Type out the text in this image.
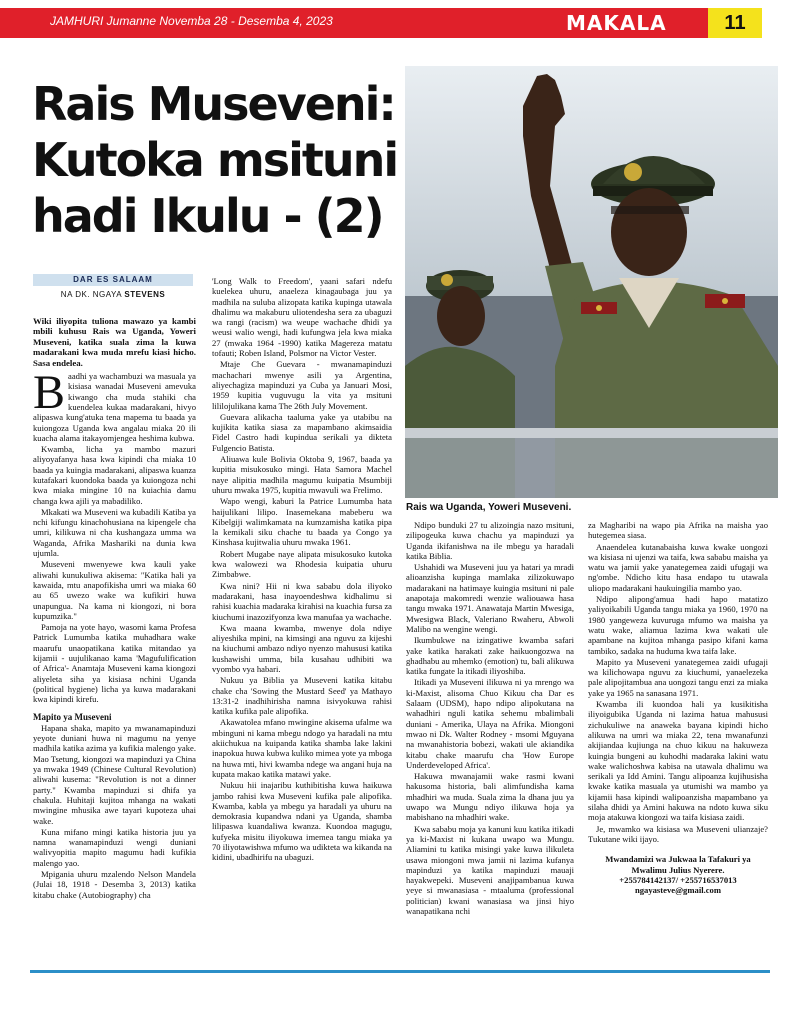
JAMHURI Jumanne Novemba 28 - Desemba 4, 2023	MAKALA	11
Rais Museveni:
Kutoka msituni
hadi Ikulu - (2)
DAR ES SALAAM
NA DK. NGAYA STEVENS
Rais wa Uganda, Yoweri Museveni.

Wiki iliyopita tuliona mawazo ya kambi mbili kuhusu Rais wa Uganda, Yoweri Museveni, katika suala zima la kuwa madarakani kwa muda mrefu kiasi hicho. Sasa endelea.

Baadhi ya wachambuzi wa masuala ya kisiasa wanadai Museveni amevuka kiwango cha muda stahiki cha kuendelea kukaa madarakani, hivyo alipaswa kung'atuka tena mapema tu baada ya kuiongoza Uganda kwa angalau miaka 20 ili kuacha alama itakayomjengea heshima kubwa.

Kwamba, licha ya mambo mazuri aliyoyafanya hasa kwa kipindi cha miaka 10 baada ya kuingia madarakani, alipaswa kuanza kutafakari kuondoka baada ya kuiongoza nchi kwa miaka mingine 10 na kuiachia damu changa kwa ajili ya mabadiliko.

Mkakati wa Museveni wa kubadili Katiba ya nchi kifungu kinachohusiana na kipengele cha umri, kilikuwa ni cha kushangaza umma wa Waganda, Afrika Mashariki na dunia kwa ujumla.

Museveni mwenyewe kwa kauli yake aliwahi kunukuliwa akisema: "Katika hali ya kawaida, mtu anapofikisha umri wa miaka 60 au 65 uwezo wake wa kufikiri huwa unapungua. Na kama ni kiongozi, ni bora kupumzika."

Pamoja na yote hayo, wasomi kama Profesa Patrick Lumumba katika muhadhara wake maarufu unaopatikana katika mitandao ya kijamii - uujulikanao kama 'Magufulification of Africa'- Anamtaja Museveni kama kiongozi aliyeleta siha ya kisiasa nchini Uganda (political hygiene) licha ya kuwa madarakani kwa kipindi kirefu.

Mapito ya Museveni

Hapana shaka, mapito ya mwanamapinduzi yeyote duniani huwa ni magumu na yenye madhila katika azima ya kufikia malengo yake. Mao Tsetung, kiongozi wa mapinduzi ya China ya mwaka 1949 (Chinese Cultural Revolution) aliwahi kusema: "Revolution is not a dinner party." Kwamba mapinduzi si dhifa ya chakula. Huhitaji kujitoa mhanga na wakati mwingine mhusika awe tayari kupoteza uhai wake.

Kuna mifano mingi katika historia juu ya namna wanamapinduzi wengi duniani walivyopitia mapito magumu hadi kufikia malengo yao.

Mpigania uhuru mzalendo Nelson Mandela (Julai 18, 1918 - Desemba 3, 2013) katika kitabu chake (Autobiography) cha

'Long Walk to Freedom', yaani safari ndefu kuelekea uhuru, anaeleza kinagaubaga juu ya madhila na suluba alizopata katika kupinga utawala dhalimu wa makaburu uliotendesha sera za ubaguzi wa rangi (racism) wa weupe wachache dhidi ya weusi walio wengi, hadi kufungwa jela kwa miaka 27 (mwaka 1964 -1990) katika Magereza matatu tofauti; Roben Island, Polsmor na Victor Vester.

Mtaje Che Guevara - mwanamapinduzi machachari mwenye asili ya Argentina, aliyechagiza mapinduzi ya Cuba ya Januari Mosi, 1959 kupitia vuguvugu la vita ya msituni lililojulikana kama The 26th July Movement.

Guevara alikacha taaluma yake ya utabibu na kujikita katika siasa za mapambano akimsaidia Fidel Castro hadi kupindua serikali ya dikteta Fulgencio Batista.

Aliuawa kule Bolivia Oktoba 9, 1967, baada ya kupitia misukosuko mingi. Hata Samora Machel naye alipitia madhila magumu kuipatia Msumbiji uhuru mwaka 1975, kupitia mwavuli wa Frelimo.

Wapo wengi, kaburi la Patrice Lumumba hata haijulikani lilipo. Inasemekana mabeberu wa Kibelgiji walimkamata na kumzamisha katika pipa la kemikali siku chache tu baada ya Congo ya Kinshasa kujitwalia uhuru mwaka 1961.

Robert Mugabe naye alipata misukosuko kutoka kwa walowezi wa Rhodesia kuipatia uhuru Zimbabwe.

Kwa nini? Hii ni kwa sababu dola iliyoko madarakani, hasa inayoendeshwa kidhalimu si rahisi kuachia madaraka kirahisi na kuachia fursa za kiuchumi inazozifyonza kwa manufaa ya wachache.

Kwa maana kwamba, mwenye dola ndiye aliyeshika mpini, na kimsingi ana nguvu za kijeshi na kiuchumi ambazo ndiyo nyenzo mahususi katika kushawishi umma, bila kusahau udhibiti wa vyombo vya habari.

Nukuu ya Biblia ya Museveni katika kitabu chake cha 'Sowing the Mustard Seed' ya Mathayo 13:31-2 inadhihirisha namna isivyokuwa rahisi katika kufika pale alipofika.

Akawatolea mfano mwingine akisema ufalme wa mbinguni ni kama mbegu ndogo ya haradali na mtu akiichukua na kuipanda katika shamba lake lakini inapokua huwa kubwa kuliko mimea yote ya mboga na huwa mti, hivi kwamba ndege wa angani huja na kupata makao katika matawi yake.

Nukuu hii inajaribu kuthibitisha kuwa haikuwa jambo rahisi kwa Museveni kufika pale alipofika. Kwamba, kabla ya mbegu ya haradali ya uhuru na demokrasia kupandwa ndani ya Uganda, shamba lilipaswa kuandaliwa kwanza. Kuondoa magugu, kufyeka misitu iliyokuwa imemea tangu miaka ya 70 iliyotawishwa mfumo wa udikteta wa kikanda na kidini, ubadhirifu na ubaguzi.

Ndipo bunduki 27 tu alizoingia nazo msituni, zilipogeuka kuwa chachu ya mapinduzi ya Uganda ikifanishwa na ile mbegu ya haradali katika Biblia.

Ushahidi wa Museveni juu ya hatari ya mradi alioanzisha kupinga mamlaka zilizokuwapo madarakani na hatimaye kuingia msituni ni pale anapotaja makomredi wenzie waliouawa hasa tangu mwaka 1971. Anawataja Martin Mwesiga, Mwesigwa Black, Valeriano Rwaheru, Abwoli Malibo na wengine wengi.

Ikumbukwe na izingatiwe kwamba safari yake katika harakati zake haikuongozwa na ghadhabu au mhemko (emotion) tu, bali alikuwa katika fungate la itikadi iliyoshiba.

Itikadi ya Museveni ilikuwa ni ya mrengo wa ki-Maxist, alisoma Chuo Kikuu cha Dar es Salaam (UDSM), hapo ndipo alipokutana na wahadhiri nguli katika sehemu mbalimbali duniani - Amerika, Ulaya na Afrika. Miongoni mwao ni Dk. Walter Rodney - msomi Mguyana na mwanahistoria bobezi, wakati ule akiandika kitabu chake maarufu cha 'How Europe Underdeveloped Africa'.

Hakuwa mwanajamii wake rasmi kwani hakusoma historia, bali alimfundisha kama mhadhiri wa muda. Suala zima la dhana juu ya uwapo wa Mungu ndiyo ilikuwa hoja ya mabishano na mhadhiri wake.

Kwa sababu moja ya kanuni kuu katika itikadi ya ki-Maxist ni kukana uwapo wa Mungu. Aliamini tu katika misingi yake kuwa ilikuleta usawa miongoni mwa jamii ni lazima kufanya mapinduzi ya katika mapinduzi mauaji hayakwepeki. Museveni anajipambanua kuwa yeye si mwanasiasa - mtaaluma (professional politician) kwani wanasiasa wa jinsi hiyo wanapatikana nchi

za Magharibi na wapo pia Afrika na maisha yao hutegemea siasa.

Anaendelea kutanabaisha kuwa kwake uongozi wa kisiasa ni ujenzi wa taifa, kwa sababu maisha ya watu wa jamii yake yanategemea zaidi ufugaji wa ng'ombe. Ndicho kitu hasa endapo tu utawala uliopo madarakani haukuingilia mambo yao.

Ndipo alipong'amua hadi hapo matatizo yaliyoikabili Uganda tangu miaka ya 1960, 1970 na 1980 yangeweza kuvuruga mfumo wa maisha ya watu wake, aliamua lazima kwa wakati ule apambane na kujitoa mhanga pasipo kifani kama tambiko, sadaka na huduma kwa taifa lake.

Mapito ya Museveni yanategemea zaidi ufugaji wa kilichowapa nguvu za kiuchumi, yanaelezeka pale alipojitambua ana uongozi tangu enzi za miaka yake ya 1965 na sanasana 1971.

Kwamba ili kuondoa hali ya kusikitisha iliyoigubika Uganda ni lazima hatua mahususi zichukuliwe na anaweka bayana kipindi hicho alikuwa na umri wa miaka 22, tena mwanafunzi akijiandaa kujiunga na chuo kikuu na hakuweza kuingia bungeni au kuhodhi madaraka lakini watu wake walichoshwa kabisa na utawala dhalimu wa serikali ya Idd Amini. Tangu alipoanza kujihusisha kwake katika masuala ya utumishi wa mambo ya kijamii hasa kipindi walipoanzisha mapambano ya silaha dhidi ya Amini hakuwa na ndoto kuwa siku moja atakuwa kiongozi wa taifa kisiasa zaidi.

Je, mwamko wa kisiasa wa Museveni ulianzaje? Tukutane wiki ijayo.

Mwandamizi wa Jukwaa la Tafakuri ya Mwalimu Julius Nyerere.
+255784142137/ +255716537013
ngayasteve@gmail.com
